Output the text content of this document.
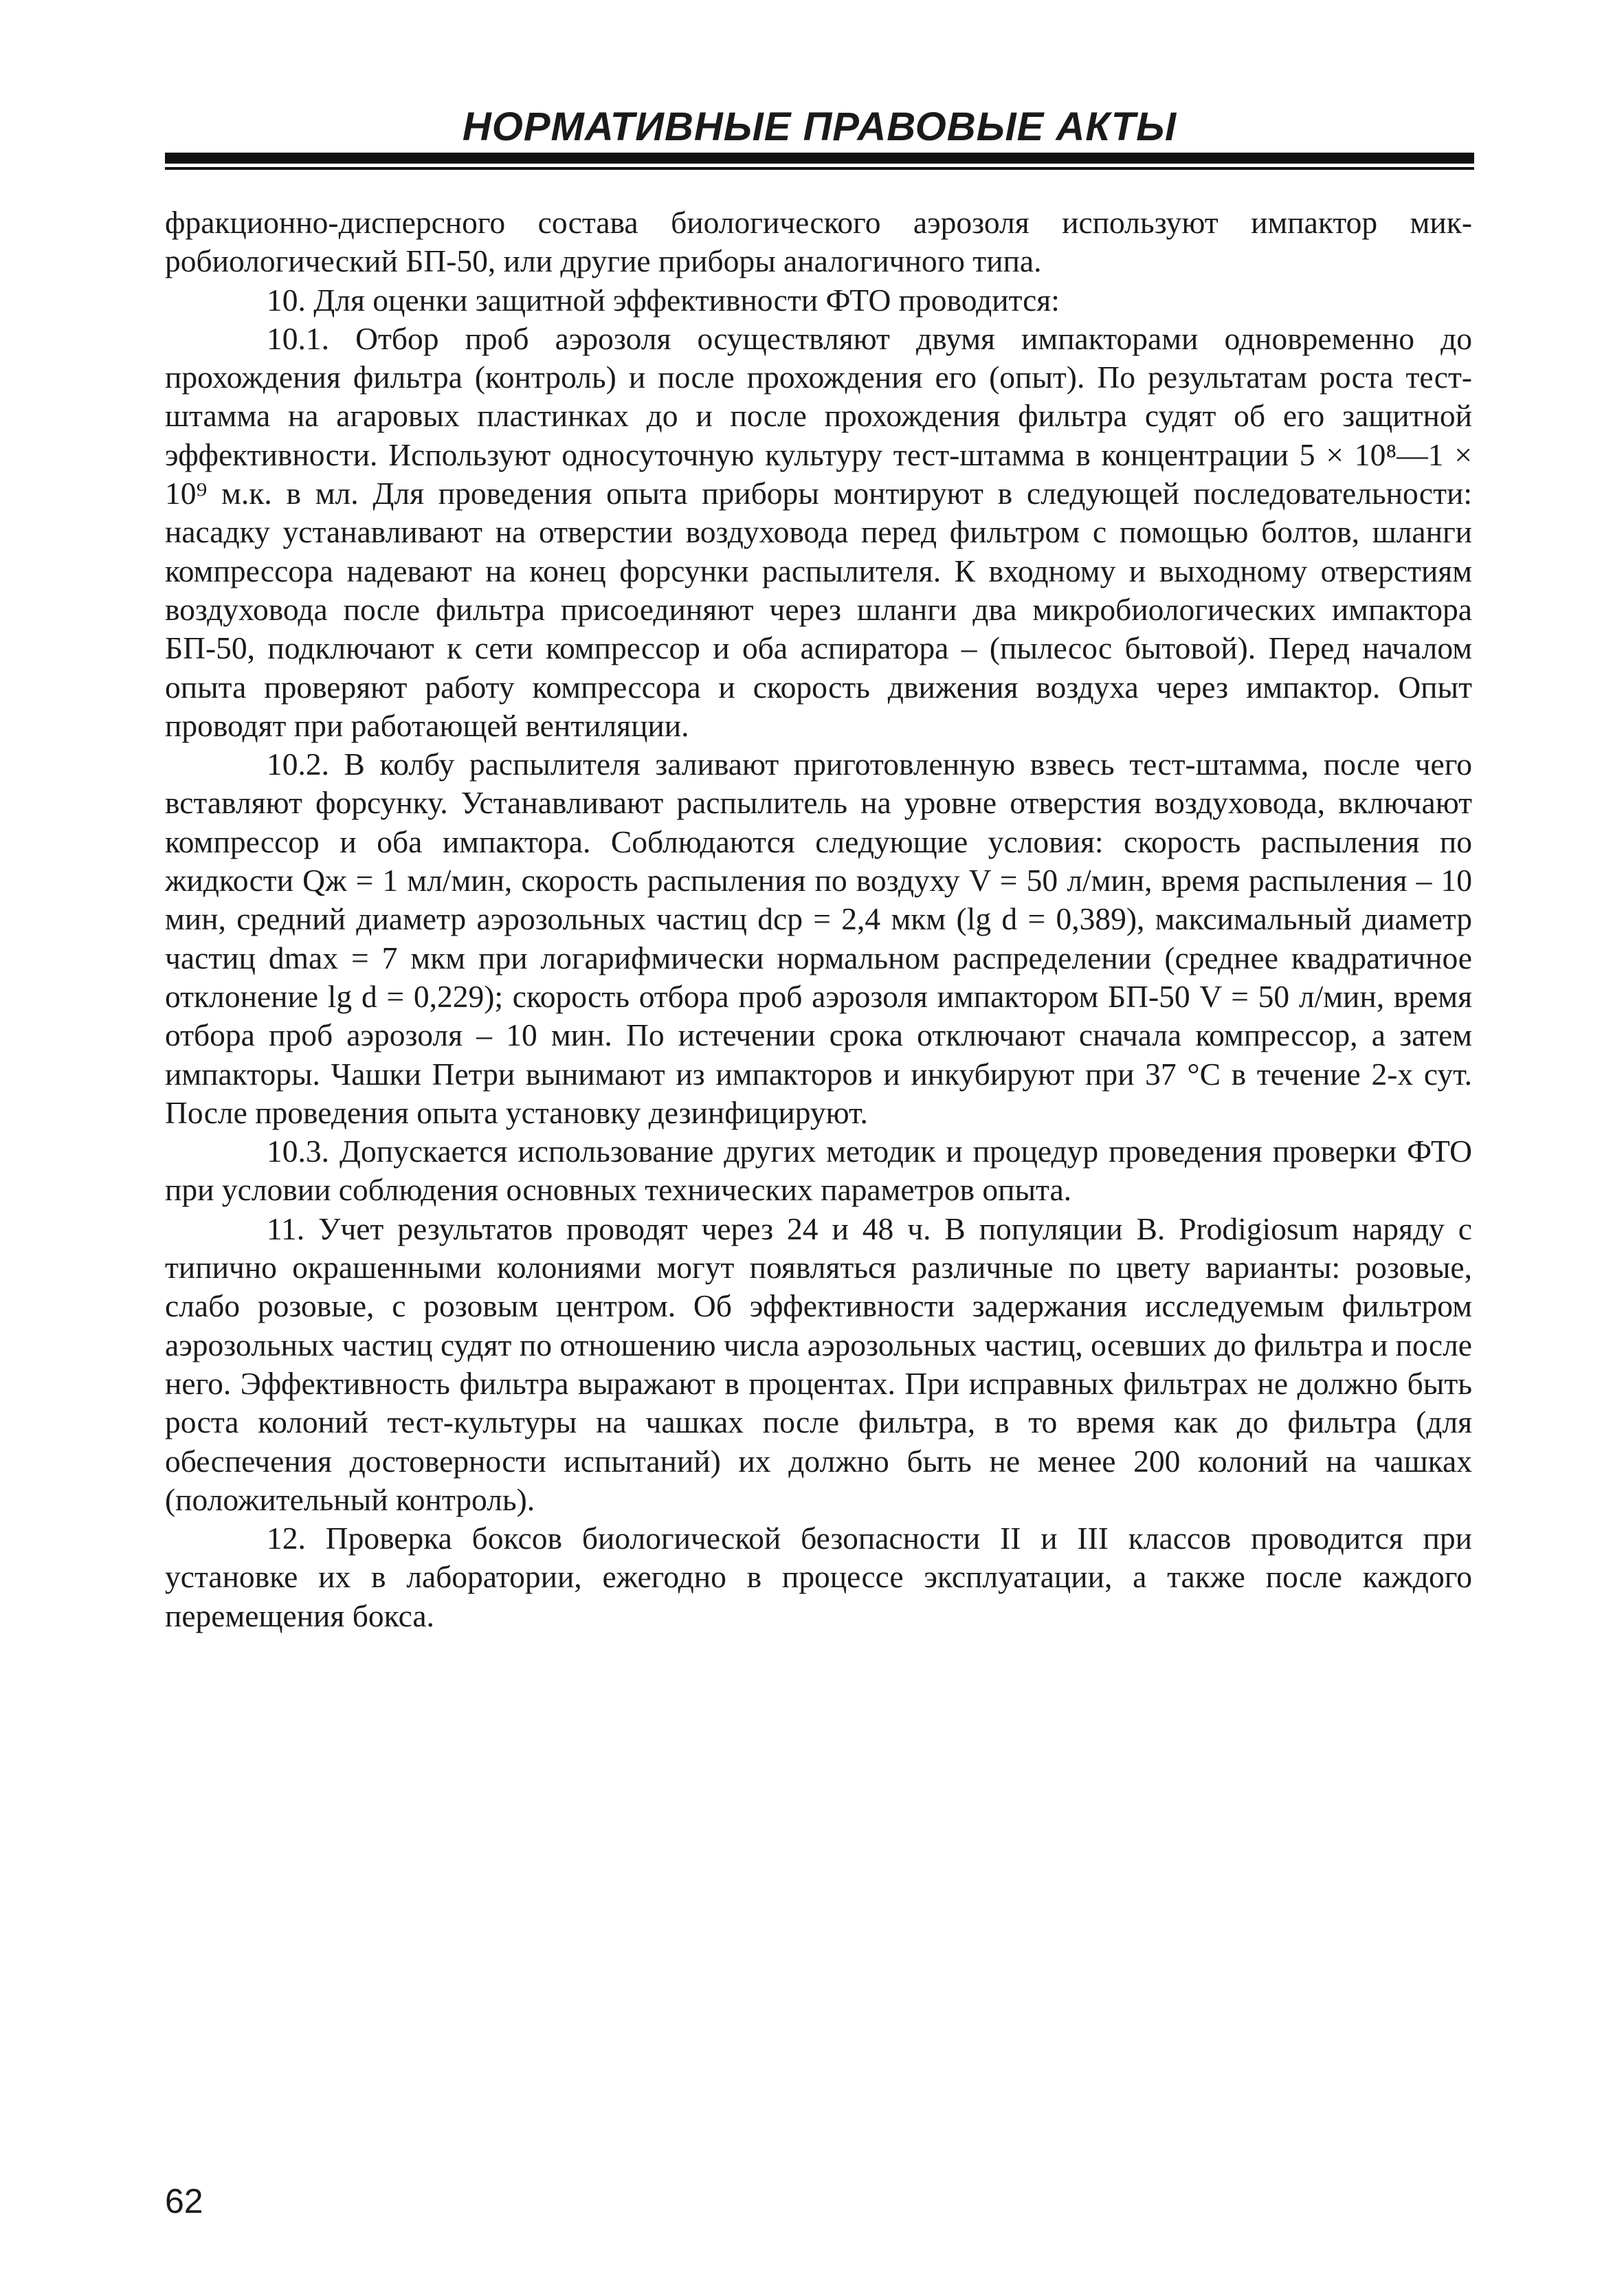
НОРМАТИВНЫЕ ПРАВОВЫЕ АКТЫ

фракционно-дисперсного состава биологического аэрозоля используют импактор микробиологический БП-50, или другие приборы аналогичного типа.

10. Для оценки защитной эффективности ФТО проводится:

10.1. Отбор проб аэрозоля осуществляют двумя импакторами одновременно до прохождения фильтра (контроль) и после прохождения его (опыт). По результатам роста тест-штамма на агаровых пластинках до и после прохождения фильтра судят об его защитной эффективности. Используют односуточную культуру тест-штамма в концентрации 5 × 10⁸—1 × 10⁹ м.к. в мл. Для проведения опыта приборы монтируют в следующей последовательности: насадку устанавливают на отверстии воздуховода перед фильтром с помощью болтов, шланги компрессора надевают на конец форсунки распылителя. К входному и выходному отверстиям воздуховода после фильтра присоединяют через шланги два микробиологических импактора БП-50, подключают к сети компрессор и оба аспиратора – (пылесос бытовой). Перед началом опыта проверяют работу компрессора и скорость движения воздуха через импактор. Опыт проводят при работающей вентиляции.

10.2. В колбу распылителя заливают приготовленную взвесь тест-штамма, после чего вставляют форсунку. Устанавливают распылитель на уровне отверстия воздуховода, включают компрессор и оба импактора. Соблюдаются следующие условия: скорость распыления по жидкости Qж = 1 мл/мин, скорость распыления по воздуху V = 50 л/мин, время распыления – 10 мин, средний диаметр аэрозольных частиц dср = 2,4 мкм (lg d = 0,389), максимальный диаметр частиц dmax = 7 мкм при логарифмически нормальном распределении (среднее квадратичное отклонение lg d = 0,229); скорость отбора проб аэрозоля импактором БП-50 V = 50 л/мин, время отбора проб аэрозоля – 10 мин. По истечении срока отключают сначала компрессор, а затем импакторы. Чашки Петри вынимают из импакторов и инкубируют при 37 °С в течение 2-х сут. После проведения опыта установку дезинфицируют.

10.3. Допускается использование других методик и процедур проведения проверки ФТО при условии соблюдения основных технических параметров опыта.

11. Учет результатов проводят через 24 и 48 ч. В популяции B. Prodigiosum наряду с типично окрашенными колониями могут появляться различные по цвету варианты: розовые, слабо розовые, с розовым центром. Об эффективности задержания исследуемым фильтром аэрозольных частиц судят по отношению числа аэрозольных частиц, осевших до фильтра и после него. Эффективность фильтра выражают в процентах. При исправных фильтрах не должно быть роста колоний тест-культуры на чашках после фильтра, в то время как до фильтра (для обеспечения достоверности испытаний) их должно быть не менее 200 колоний на чашках (положительный контроль).

12. Проверка боксов биологической безопасности II и III классов проводится при установке их в лаборатории, ежегодно в процессе эксплуатации, а также после каждого перемещения бокса.

62
